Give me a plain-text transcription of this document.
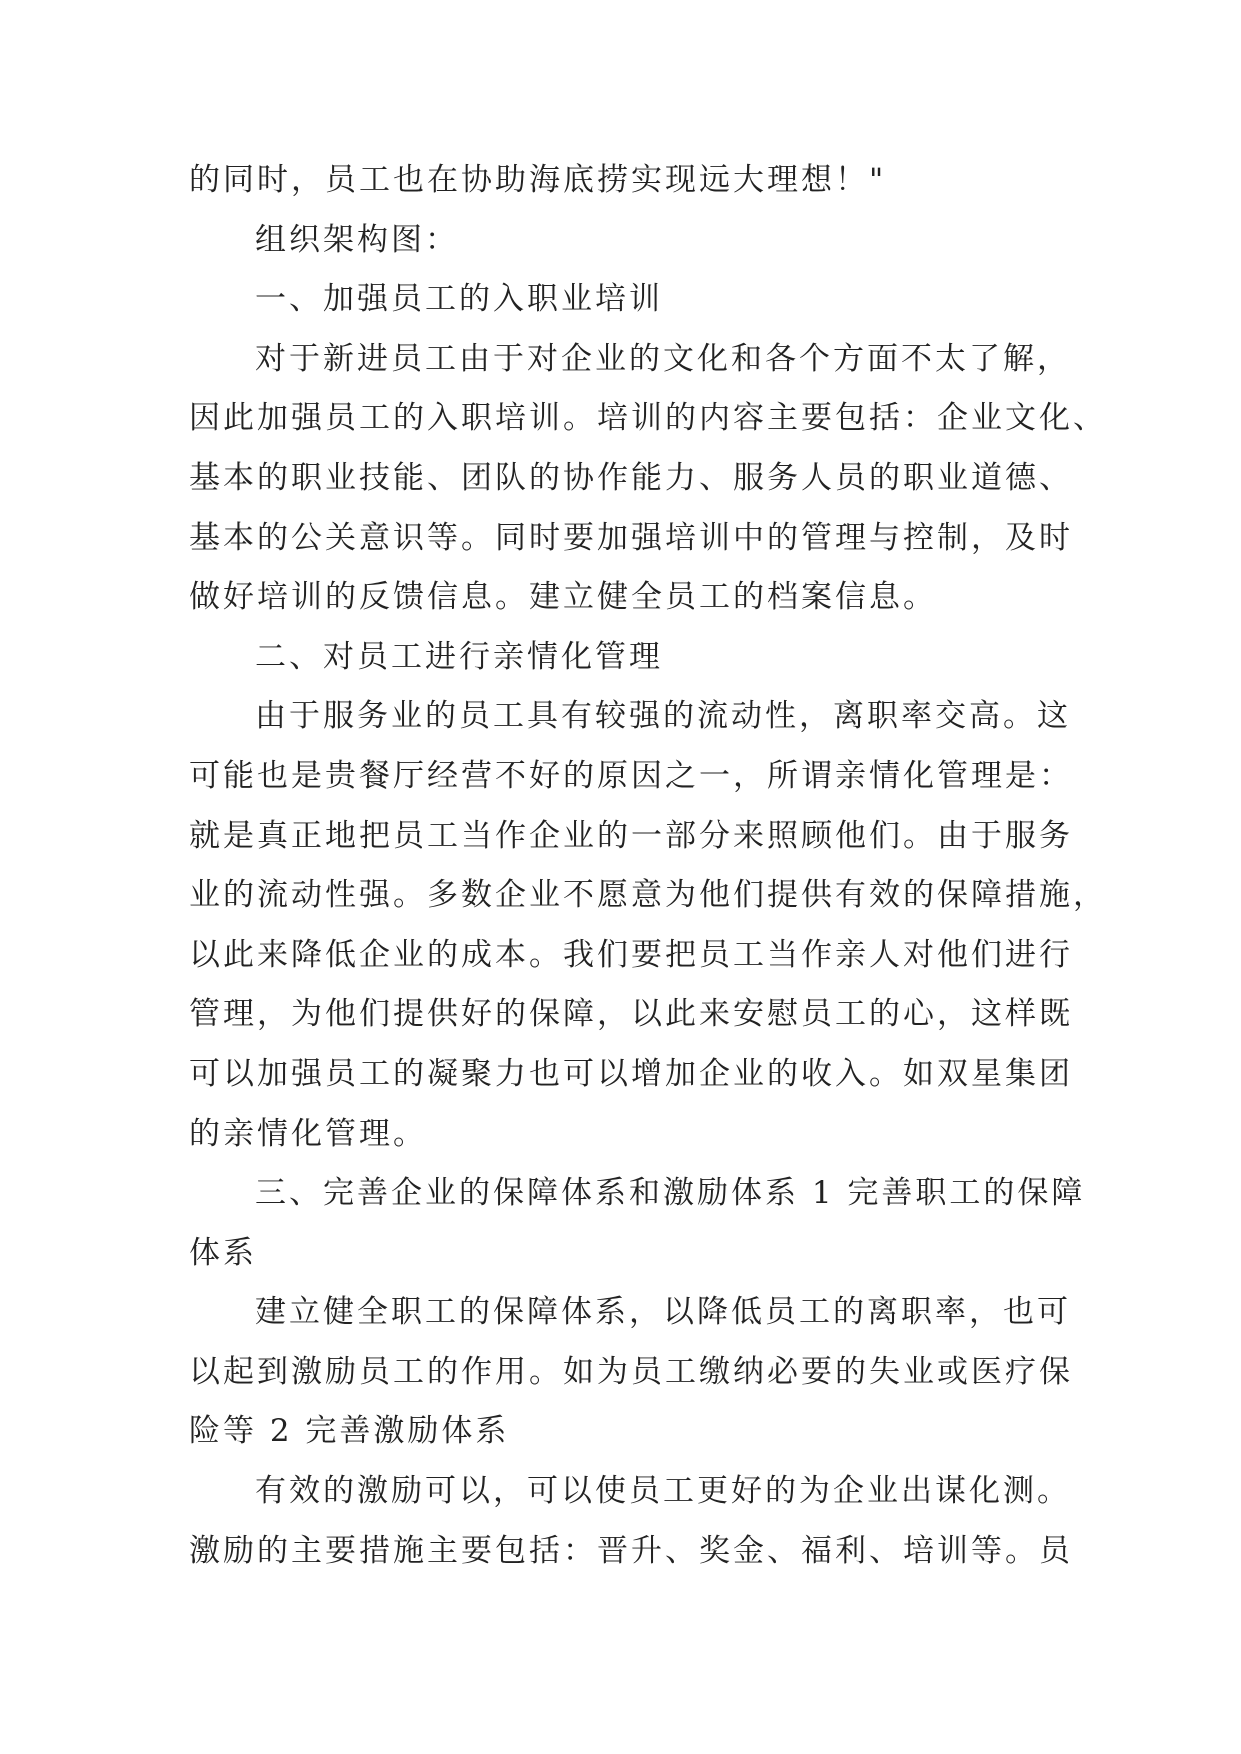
的同时，员工也在协助海底捞实现远大理想！"
组织架构图：
一、加强员工的入职业培训
对于新进员工由于对企业的文化和各个方面不太了解，
因此加强员工的入职培训。培训的内容主要包括：企业文化、
基本的职业技能、团队的协作能力、服务人员的职业道德、
基本的公关意识等。同时要加强培训中的管理与控制，及时
做好培训的反馈信息。建立健全员工的档案信息。
二、对员工进行亲情化管理
由于服务业的员工具有较强的流动性，离职率交高。这
可能也是贵餐厅经营不好的原因之一，所谓亲情化管理是：
就是真正地把员工当作企业的一部分来照顾他们。由于服务
业的流动性强。多数企业不愿意为他们提供有效的保障措施，
以此来降低企业的成本。我们要把员工当作亲人对他们进行
管理，为他们提供好的保障，以此来安慰员工的心，这样既
可以加强员工的凝聚力也可以增加企业的收入。如双星集团
的亲情化管理。
三、完善企业的保障体系和激励体系 1 完善职工的保障
体系
建立健全职工的保障体系，以降低员工的离职率，也可
以起到激励员工的作用。如为员工缴纳必要的失业或医疗保
险等 2 完善激励体系
有效的激励可以，可以使员工更好的为企业出谋化测。
激励的主要措施主要包括：晋升、奖金、福利、培训等。员
